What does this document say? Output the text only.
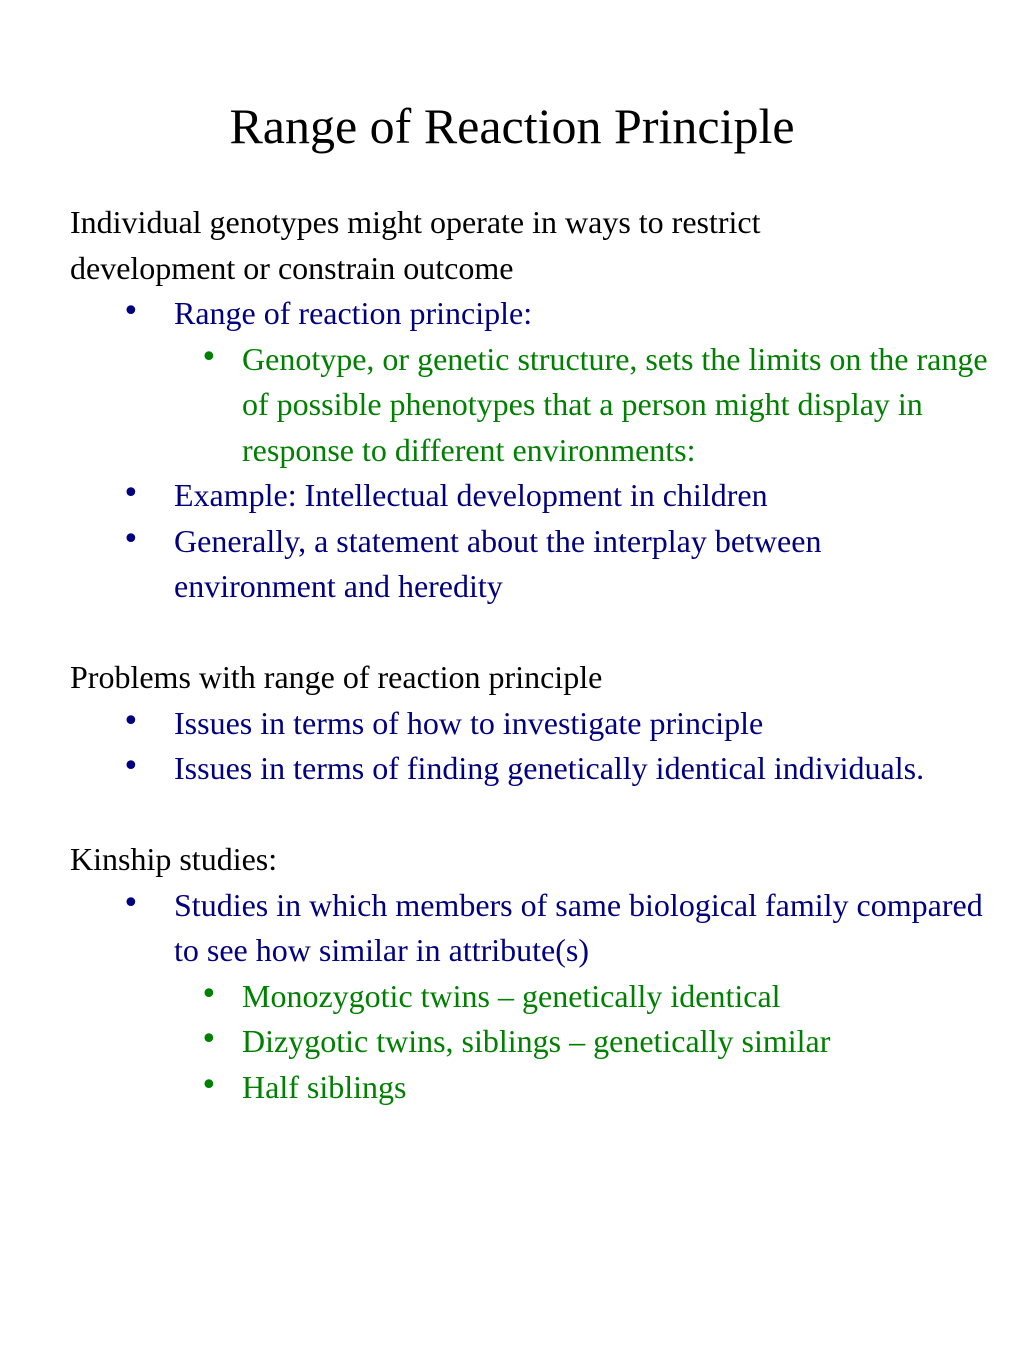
Range of Reaction Principle

Individual genotypes might operate in ways to restrict
development or constrain outcome

• Range of reaction principle:
• Genotype, or genetic structure, sets the limits on the range of possible phenotypes that a person might display in response to different environments:
• Example: Intellectual development in children
• Generally, a statement about the interplay between environment and heredity

Problems with range of reaction principle

• Issues in terms of how to investigate principle
• Issues in terms of finding genetically identical individuals.

Kinship studies:

• Studies in which members of same biological family compared to see how similar in attribute(s)
• Monozygotic twins – genetically identical
• Dizygotic twins, siblings – genetically similar
• Half siblings
